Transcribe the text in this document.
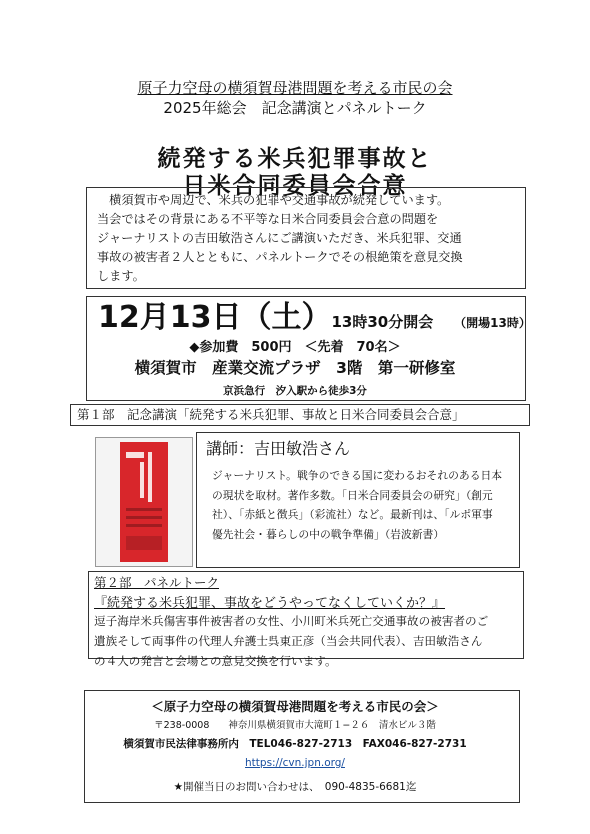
原子力空母の横須賀母港問題を考える市民の会
2025年総会　記念講演とパネルトーク
続発する米兵犯罪事故と
日米合同委員会合意
　横須賀市や周辺で、米兵の犯罪や交通事故が続発しています。
当会ではその背景にある不平等な日米合同委員会合意の問題を
ジャーナリストの吉田敏浩さんにご講演いただき、米兵犯罪、交通
事故の被害者２人とともに、パネルトークでその根絶策を意見交換
します。
12月13日（土）13時30分開会 （開場13時）
◆参加費　500円　＜先着　70名＞
横須賀市　産業交流プラザ　3階　第一研修室
京浜急行　汐入駅から徒歩3分
第１部　記念講演「続発する米兵犯罪、事故と日米合同委員会合意」
講師：吉田敏浩さん
ジャーナリスト。戦争のできる国に変わるおそれのある日本
の現状を取材。著作多数。「日米合同委員会の研究」（創元
社）、「赤紙と徴兵」（彩流社）など。最新刊は、「ルポ軍事
優先社会・暮らしの中の戦争準備」（岩波新書）
第２部　パネルトーク
『続発する米兵犯罪、事故をどうやってなくしていくか？』
逗子海岸米兵傷害事件被害者の女性、小川町米兵死亡交通事故の被害者のご
遺族そして両事件の代理人弁護士呉東正彦（当会共同代表）、吉田敏浩さん
の４人の発言と会場との意見交換を行います。
＜原子力空母の横須賀母港問題を考える市民の会＞
〒238-0008　　神奈川県横須賀市大滝町１−２６　清水ビル３階
横須賀市民法律事務所内　TEL046-827-2713　FAX046-827-2731
https://cvn.jpn.org/
★開催当日のお問い合わせは、　090-4835-6681迄
